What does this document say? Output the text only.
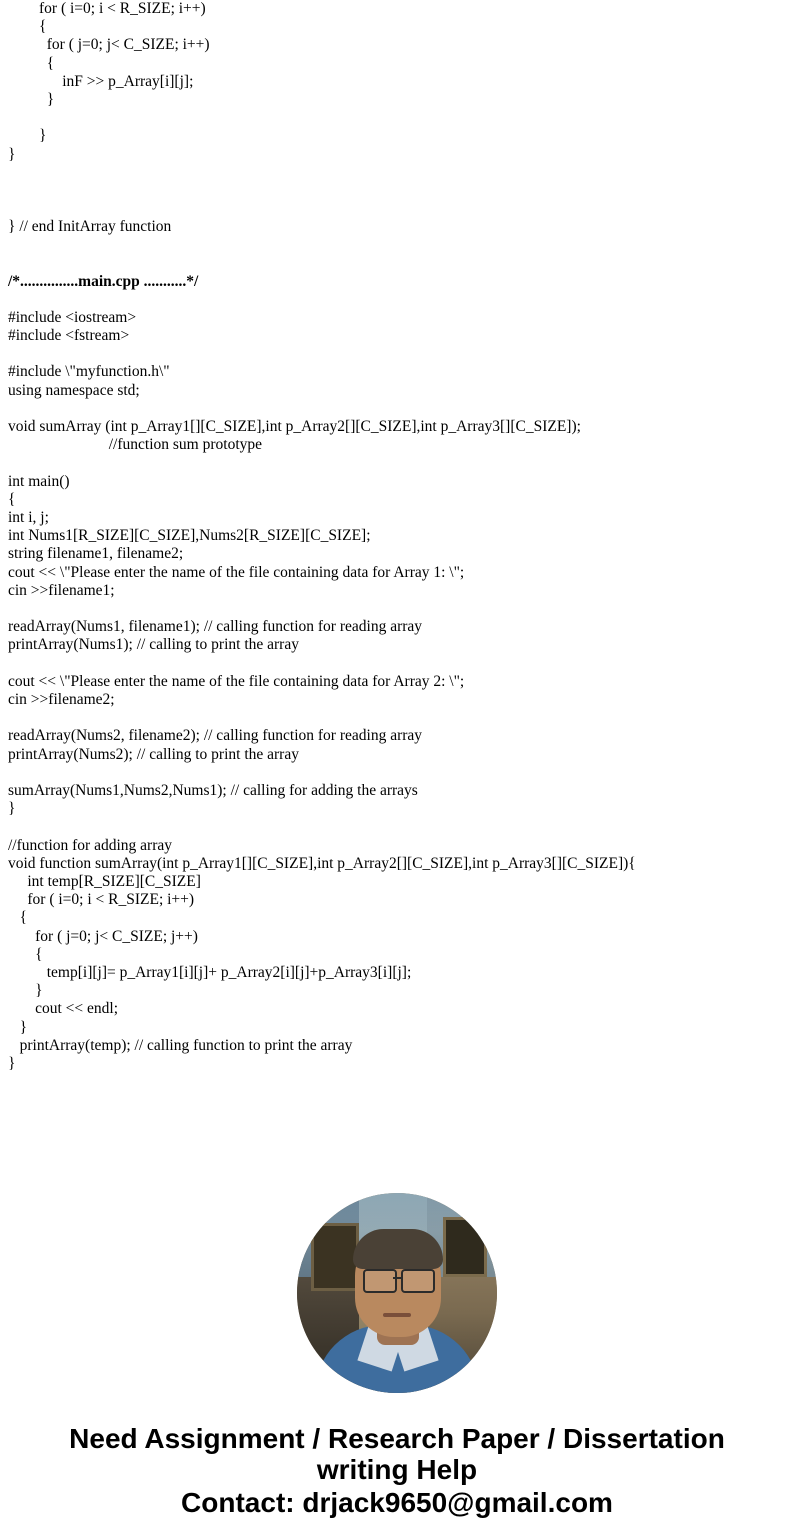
for ( i=0; i < R_SIZE; i++)
{
for ( j=0; j< C_SIZE; i++)
{
inF >> p_Array[i][j];
}
}
}
} // end InitArray function
/*...............main.cpp ...........*/
#include <iostream>
#include <fstream>
#include \"myfunction.h\"
using namespace std;
void sumArray (int p_Array1[][C_SIZE],int p_Array2[][C_SIZE],int p_Array3[][C_SIZE]);
//function sum prototype
int main()
{
int i, j;
int Nums1[R_SIZE][C_SIZE],Nums2[R_SIZE][C_SIZE];
string filename1, filename2;
cout << \"Please enter the name of the file containing data for Array 1: \";
cin >>filename1;
readArray(Nums1, filename1); // calling function for reading array
printArray(Nums1); // calling to print the array
cout << \"Please enter the name of the file containing data for Array 2: \";
cin >>filename2;
readArray(Nums2, filename2); // calling function for reading array
printArray(Nums2); // calling to print the array
sumArray(Nums1,Nums2,Nums1); // calling for adding the arrays
}
//function for adding array
void function sumArray(int p_Array1[][C_SIZE],int p_Array2[][C_SIZE],int p_Array3[][C_SIZE]){
int temp[R_SIZE][C_SIZE]
for ( i=0; i < R_SIZE; i++)
{
for ( j=0; j< C_SIZE; j++)
{
temp[i][j]= p_Array1[i][j]+ p_Array2[i][j]+p_Array3[i][j];
}
cout << endl;
}
printArray(temp); // calling function to print the array
}
Need Assignment / Research Paper / Dissertation writing Help
Contact: drjack9650@gmail.com
